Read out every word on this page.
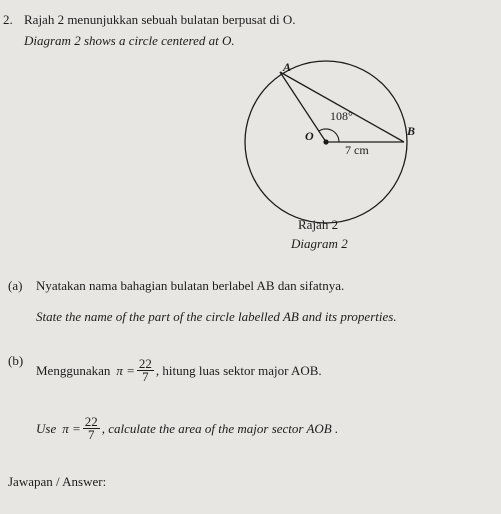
2. Rajah 2 menunjukkan sebuah bulatan berpusat di O.
Diagram 2 shows a circle centered at O.
A
B
O
108°
7 cm
Rajah 2
Diagram 2
(a) Nyatakan nama bahagian bulatan berlabel AB dan sifatnya.
State the name of the part of the circle labelled AB and its properties.
(b)
Menggunakan $\pi = \frac{22}{7}$ , hitung luas sektor major AOB.
Use $\pi = \frac{22}{7}$ , calculate the area of the major sector AOB .
Jawapan / Answer:
